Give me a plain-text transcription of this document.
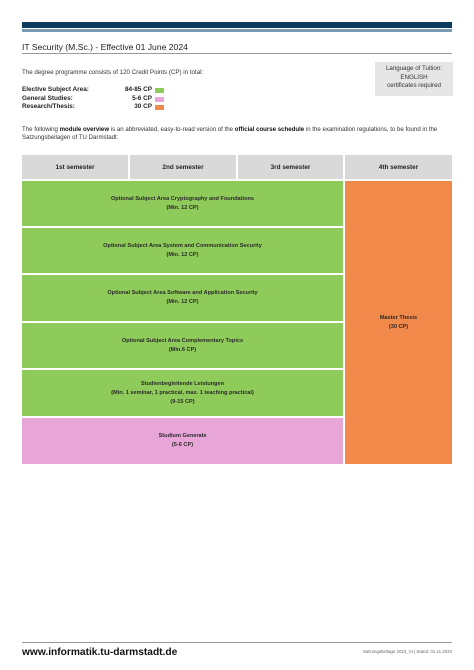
IT Security (M.Sc.) - Effective 01 June 2024
The degree programme consists of 120 Credit Points (CP) in total:
Language of Tuition:
ENGLISH
certificates required
Elective Subject Area:	84-85 CP
General Studies:	5-6 CP
Research/Thesis:	30 CP
The following module overview is an abbreviated, easy-to-read version of the official course schedule in the examination regulations, to be found in the Satzungsbeilagen of TU Darmstadt:
1st semester	2nd semester	3rd semester	4th semester
Optional Subject Area Cryptography and Foundations
(Min. 12 CP)
Optional Subject Area System and Communication Security
(Min. 12 CP)
Optional Subject Area Software and Application Security
(Min. 12 CP)
Optional Subject Area Complementary Topics
(Min.6 CP)
Studienbegleitende Leistungen
(Min. 1 seminar, 1 practical, max. 1 teaching practical)
(9-15 CP)
Studium Generale
(5-6 CP)
Master Thesis
(30 CP)
www.informatik.tu-darmstadt.de	Satzungsbeilage 2023_VI | Stand: 01.11.2023
